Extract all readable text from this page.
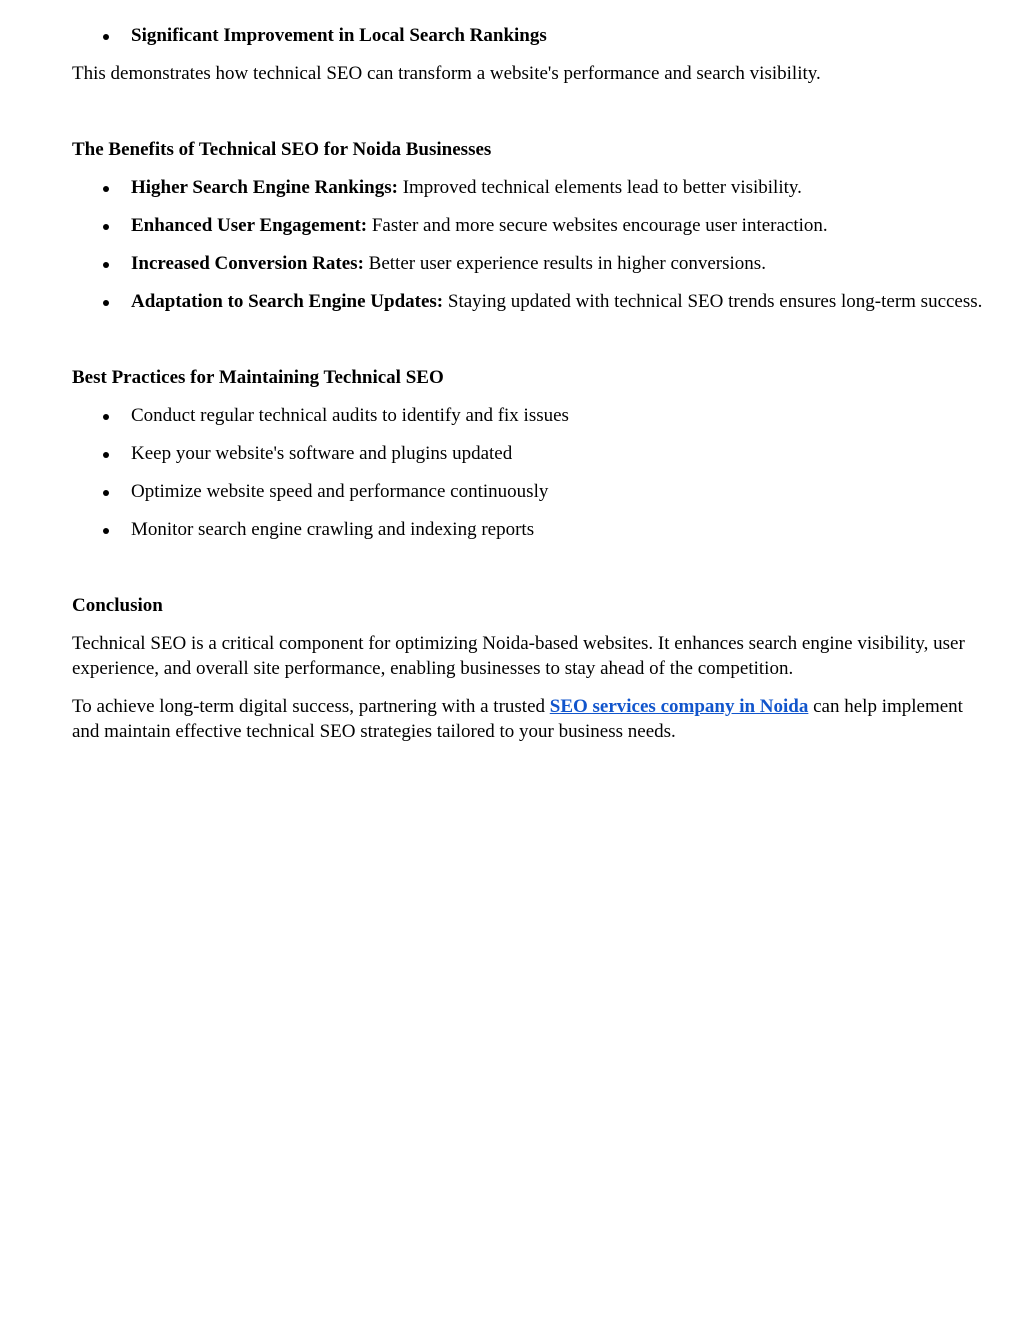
Significant Improvement in Local Search Rankings

This demonstrates how technical SEO can transform a website's performance and search visibility.

The Benefits of Technical SEO for Noida Businesses
Higher Search Engine Rankings: Improved technical elements lead to better visibility.
Enhanced User Engagement: Faster and more secure websites encourage user interaction.
Increased Conversion Rates: Better user experience results in higher conversions.
Adaptation to Search Engine Updates: Staying updated with technical SEO trends ensures long-term success.
Best Practices for Maintaining Technical SEO
Conduct regular technical audits to identify and fix issues
Keep your website's software and plugins updated
Optimize website speed and performance continuously
Monitor search engine crawling and indexing reports
Conclusion

Technical SEO is a critical component for optimizing Noida-based websites. It enhances search engine visibility, user experience, and overall site performance, enabling businesses to stay ahead of the competition.

To achieve long-term digital success, partnering with a trusted SEO services company in Noida can help implement and maintain effective technical SEO strategies tailored to your business needs.
